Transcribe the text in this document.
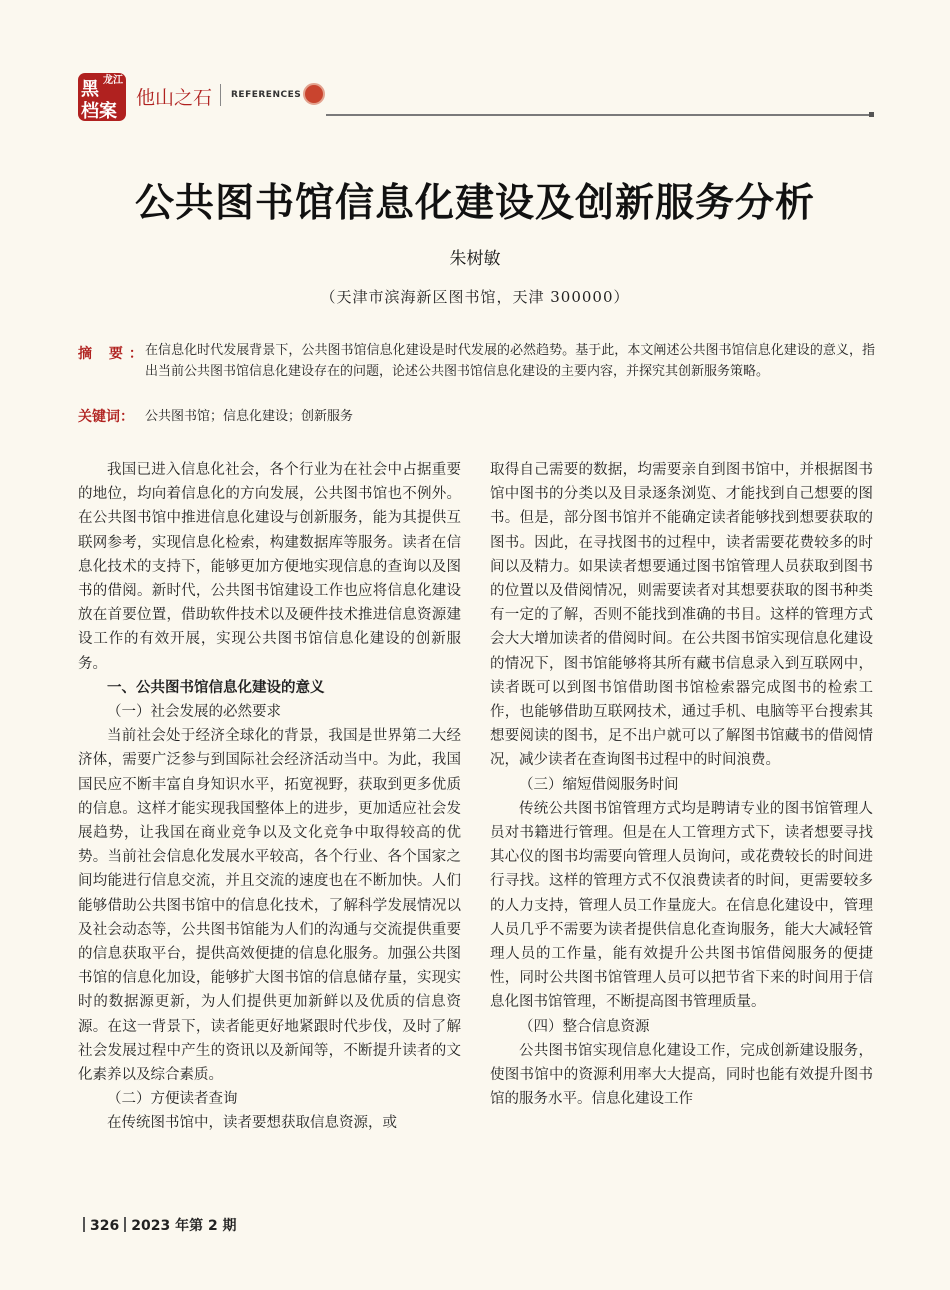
黑 龙江
档案
他山之石 REFERENCES
公共图书馆信息化建设及创新服务分析
朱树敏
（天津市滨海新区图书馆，天津 300000）
摘 要：

在信息化时代发展背景下，公共图书馆信息化建设是时代发展的必然趋势。基于此，本文阐述公共图书馆信息化建设的意义，指出当前公共图书馆信息化建设存在的问题，论述公共图书馆信息化建设的主要内容，并探究其创新服务策略。

关键词： 公共图书馆；信息化建设；创新服务

我国已进入信息化社会，各个行业为在社会中占据重要的地位，均向着信息化的方向发展，公共图书馆也不例外。在公共图书馆中推进信息化建设与创新服务，能为其提供互联网参考，实现信息化检索，构建数据库等服务。读者在信息化技术的支持下，能够更加方便地实现信息的查询以及图书的借阅。新时代，公共图书馆建设工作也应将信息化建设放在首要位置，借助软件技术以及硬件技术推进信息资源建设工作的有效开展，实现公共图书馆信息化建设的创新服务。

一、公共图书馆信息化建设的意义
（一）社会发展的必然要求

当前社会处于经济全球化的背景，我国是世界第二大经济体，需要广泛参与到国际社会经济活动当中。为此，我国国民应不断丰富自身知识水平，拓宽视野，获取到更多优质的信息。这样才能实现我国整体上的进步，更加适应社会发展趋势，让我国在商业竞争以及文化竞争中取得较高的优势。当前社会信息化发展水平较高，各个行业、各个国家之间均能进行信息交流，并且交流的速度也在不断加快。人们能够借助公共图书馆中的信息化技术，了解科学发展情况以及社会动态等，公共图书馆能为人们的沟通与交流提供重要的信息获取平台，提供高效便捷的信息化服务。加强公共图书馆的信息化加设，能够扩大图书馆的信息储存量，实现实时的数据源更新，为人们提供更加新鲜以及优质的信息资源。在这一背景下，读者能更好地紧跟时代步伐，及时了解社会发展过程中产生的资讯以及新闻等，不断提升读者的文化素养以及综合素质。

（二）方便读者查询

在传统图书馆中，读者要想获取信息资源，或

取得自己需要的数据，均需要亲自到图书馆中，并根据图书馆中图书的分类以及目录逐条浏览、才能找到自己想要的图书。但是，部分图书馆并不能确定读者能够找到想要获取的图书。因此，在寻找图书的过程中，读者需要花费较多的时间以及精力。如果读者想要通过图书馆管理人员获取到图书的位置以及借阅情况，则需要读者对其想要获取的图书种类有一定的了解，否则不能找到准确的书目。这样的管理方式会大大增加读者的借阅时间。在公共图书馆实现信息化建设的情况下，图书馆能够将其所有藏书信息录入到互联网中，读者既可以到图书馆借助图书馆检索器完成图书的检索工作，也能够借助互联网技术，通过手机、电脑等平台搜索其想要阅读的图书，足不出户就可以了解图书馆藏书的借阅情况，减少读者在查询图书过程中的时间浪费。

（三）缩短借阅服务时间

传统公共图书馆管理方式均是聘请专业的图书馆管理人员对书籍进行管理。但是在人工管理方式下，读者想要寻找其心仪的图书均需要向管理人员询问，或花费较长的时间进行寻找。这样的管理方式不仅浪费读者的时间，更需要较多的人力支持，管理人员工作量庞大。在信息化建设中，管理人员几乎不需要为读者提供信息化查询服务，能大大减轻管理人员的工作量，能有效提升公共图书馆借阅服务的便捷性，同时公共图书馆管理人员可以把节省下来的时间用于信息化图书馆管理，不断提高图书管理质量。

（四）整合信息资源

公共图书馆实现信息化建设工作，完成创新建设服务，使图书馆中的资源利用率大大提高，同时也能有效提升图书馆的服务水平。信息化建设工作

326 2023 年第 2 期
